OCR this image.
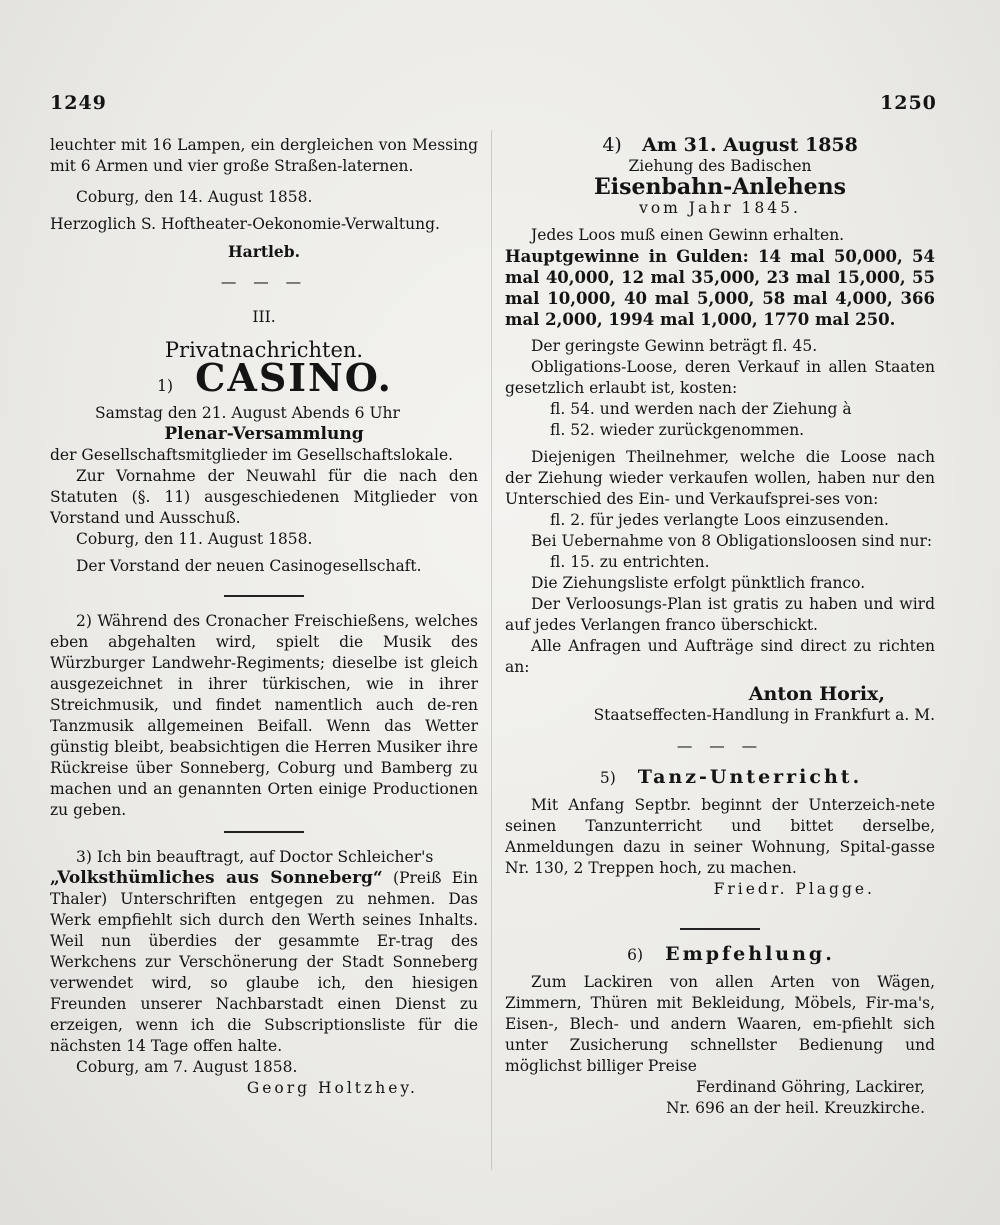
1249	1250

leuchter mit 16 Lampen, ein dergleichen von Messing mit 6 Armen und vier große Straßen-laternen.

Coburg, den 14. August 1858.

Herzoglich S. Hoftheater-Oekonomie-Verwaltung.

Hartleb.

— — —

III.

Privatnachrichten.

1) CASINO.

Samstag den 21. August Abends 6 Uhr

Plenar-Versammlung

der Gesellschaftsmitglieder im Gesellschaftslokale.

Zur Vornahme der Neuwahl für die nach den Statuten (§. 11) ausgeschiedenen Mitglieder von Vorstand und Ausschuß.

Coburg, den 11. August 1858.

Der Vorstand der neuen Casinogesellschaft.

2) Während des Cronacher Freischießens, welches eben abgehalten wird, spielt die Musik des Würzburger Landwehr-Regiments; dieselbe ist gleich ausgezeichnet in ihrer türkischen, wie in ihrer Streichmusik, und findet namentlich auch de-ren Tanzmusik allgemeinen Beifall. Wenn das Wetter günstig bleibt, beabsichtigen die Herren Musiker ihre Rückreise über Sonneberg, Coburg und Bamberg zu machen und an genannten Orten einige Productionen zu geben.

3) Ich bin beauftragt, auf Doctor Schleicher's

„Volksthümliches aus Sonneberg“ (Preiß Ein Thaler) Unterschriften entgegen zu nehmen. Das Werk empfiehlt sich durch den Werth seines Inhalts. Weil nun überdies der gesammte Er-trag des Werkchens zur Verschönerung der Stadt Sonneberg verwendet wird, so glaube ich, den hiesigen Freunden unserer Nachbarstadt einen Dienst zu erzeigen, wenn ich die Subscriptionsliste für die nächsten 14 Tage offen halte.

Coburg, am 7. August 1858.

Georg Holtzhey.

4) Am 31. August 1858

Ziehung des Badischen

Eisenbahn-Anlehens

vom Jahr 1845.

Jedes Loos muß einen Gewinn erhalten.

Hauptgewinne in Gulden: 14 mal 50,000, 54 mal 40,000, 12 mal 35,000, 23 mal 15,000, 55 mal 10,000, 40 mal 5,000, 58 mal 4,000, 366 mal 2,000, 1994 mal 1,000, 1770 mal 250.

Der geringste Gewinn beträgt fl. 45.

Obligations-Loose, deren Verkauf in allen Staaten gesetzlich erlaubt ist, kosten:

fl. 54. und werden nach der Ziehung à

fl. 52. wieder zurückgenommen.

Diejenigen Theilnehmer, welche die Loose nach der Ziehung wieder verkaufen wollen, haben nur den Unterschied des Ein- und Verkaufsprei-ses von:

fl. 2. für jedes verlangte Loos einzusenden.

Bei Uebernahme von 8 Obligationsloosen sind nur:

fl. 15. zu entrichten.

Die Ziehungsliste erfolgt pünktlich franco.

Der Verloosungs-Plan ist gratis zu haben und wird auf jedes Verlangen franco überschickt.

Alle Anfragen und Aufträge sind direct zu richten an:

Anton Horix,

Staatseffecten-Handlung in Frankfurt a. M.

— — —

5) Tanz-Unterricht.

Mit Anfang Septbr. beginnt der Unterzeich-nete seinen Tanzunterricht und bittet derselbe, Anmeldungen dazu in seiner Wohnung, Spital-gasse Nr. 130, 2 Treppen hoch, zu machen.

Friedr. Plagge.

6) Empfehlung.

Zum Lackiren von allen Arten von Wägen, Zimmern, Thüren mit Bekleidung, Möbels, Fir-ma's, Eisen-, Blech- und andern Waaren, em-pfiehlt sich unter Zusicherung schnellster Bedienung und möglichst billiger Preise

Ferdinand Göhring, Lackirer,

Nr. 696 an der heil. Kreuzkirche.
